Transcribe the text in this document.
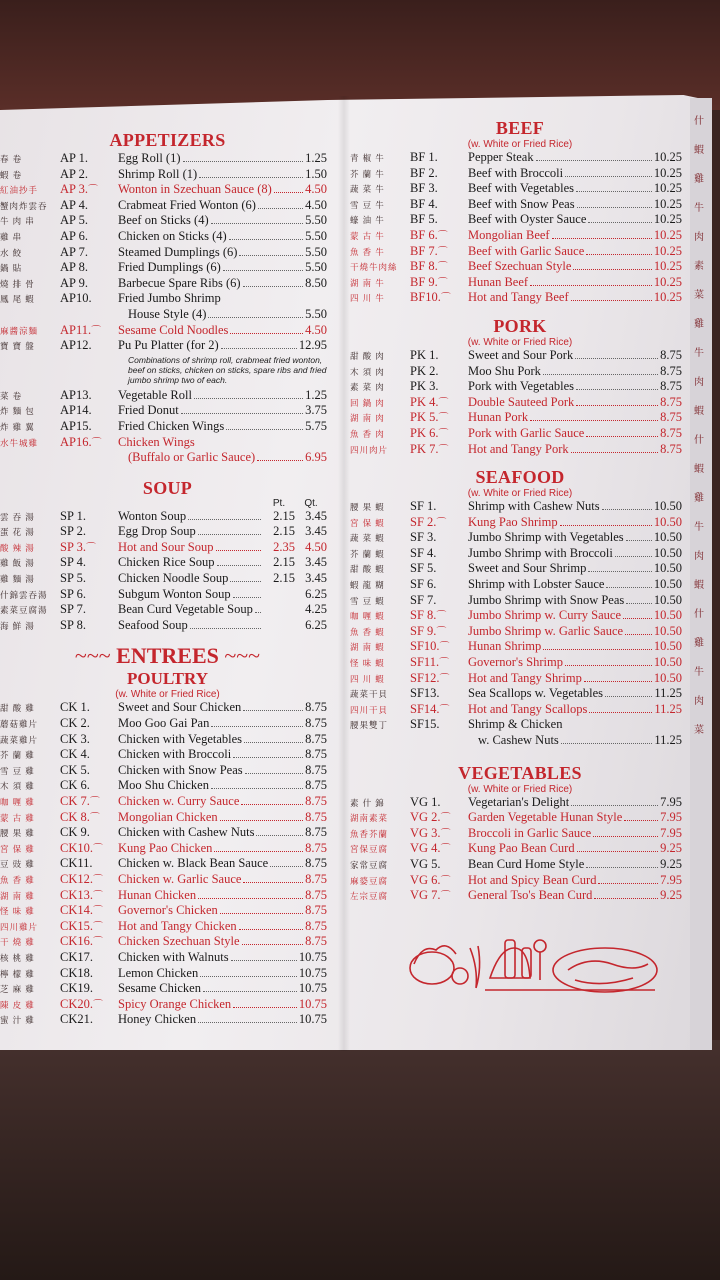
什
蝦
雞
牛
肉
素
菜
雞
牛
肉
蝦
什
蝦
雞
牛
肉
蝦
什
雞
牛
肉
菜
APPETIZERS
春 卷	AP 1.	Egg Roll (1)	1.25
蝦 卷	AP 2.	Shrimp Roll (1)	1.50
紅油抄手	AP 3.⌒	Wonton in Szechuan Sauce (8)	4.50
蟹肉炸雲吞 AP 4.	Crabmeat Fried Wonton (6)	4.50
牛 肉 串	AP 5.	Beef on Sticks (4)	5.50
雞 串	AP 6.	Chicken on Sticks (4)	5.50
水 餃	AP 7.	Steamed Dumplings (6)	5.50
鍋 貼	AP 8.	Fried Dumplings (6)	5.50
燒 排 骨	AP 9.	Barbecue Spare Ribs (6)	8.50
鳳 尾 蝦	AP10.	Fried Jumbo Shrimp
House Style (4)	5.50
麻醬涼麵	AP11.⌒	Sesame Cold Noodles	4.50
寶 寶 盤	AP12.	Pu Pu Platter (for 2)	12.95
Combinations of shrimp roll, crabmeat fried wonton, beef on sticks, chicken on sticks, spare ribs and fried jumbo shrimp two of each.
菜 卷	AP13.	Vegetable Roll	1.25
炸 麵 包	AP14.	Fried Donut	3.75
炸 雞 翼	AP15.	Fried Chicken Wings	5.75
水牛城雞	AP16.⌒	Chicken Wings
(Buffalo or Garlic Sauce)	6.95
SOUP
Pt. Qt.
雲 吞 湯	SP 1.	Wonton Soup	2.15 3.45
蛋 花 湯	SP 2.	Egg Drop Soup	2.15 3.45
酸 辣 湯	SP 3.⌒	Hot and Sour Soup	2.35 4.50
雞 飯 湯	SP 4.	Chicken Rice Soup	2.15 3.45
雞 麵 湯	SP 5.	Chicken Noodle Soup	2.15 3.45
什錦雲吞湯 SP 6.	Subgum Wonton Soup	6.25
素菜豆腐湯 SP 7.	Bean Curd Vegetable Soup	4.25
海 鮮 湯	SP 8.	Seafood Soup	6.25
~~~ ENTREES ~~~
POULTRY
(w. White or Fried Rice)
甜 酸 雞	CK 1.	Sweet and Sour Chicken	8.75
蘑菇雞片	CK 2.	Moo Goo Gai Pan	8.75
蔬菜雞片	CK 3.	Chicken with Vegetables	8.75
芥 蘭 雞	CK 4.	Chicken with Broccoli	8.75
雪 豆 雞	CK 5.	Chicken with Snow Peas	8.75
木 須 雞	CK 6.	Moo Shu Chicken	8.75
咖 喱 雞	CK 7.⌒	Chicken w. Curry Sauce	8.75
蒙 古 雞	CK 8.⌒	Mongolian Chicken	8.75
腰 果 雞	CK 9.	Chicken with Cashew Nuts	8.75
宮 保 雞	CK10.⌒	Kung Pao Chicken	8.75
豆 豉 雞	CK11.	Chicken w. Black Bean Sauce	8.75
魚 香 雞	CK12.⌒	Chicken w. Garlic Sauce	8.75
湖 南 雞	CK13.⌒	Hunan Chicken	8.75
怪 味 雞	CK14.⌒	Governor's Chicken	8.75
四川雞片	CK15.⌒	Hot and Tangy Chicken	8.75
干 燒 雞	CK16.⌒	Chicken Szechuan Style	8.75
核 桃 雞	CK17.	Chicken with Walnuts	10.75
檸 檬 雞	CK18.	Lemon Chicken	10.75
芝 麻 雞	CK19.	Sesame Chicken	10.75
陳 皮 雞	CK20.⌒	Spicy Orange Chicken	10.75
蜜 汁 雞	CK21.	Honey Chicken	10.75
BEEF
(w. White or Fried Rice)
青 椒 牛	BF 1.	Pepper Steak	10.25
芥 蘭 牛	BF 2.	Beef with Broccoli	10.25
蔬 菜 牛	BF 3.	Beef with Vegetables	10.25
雪 豆 牛	BF 4.	Beef with Snow Peas	10.25
蠔 油 牛	BF 5.	Beef with Oyster Sauce	10.25
蒙 古 牛	BF 6.⌒	Mongolian Beef	10.25
魚 香 牛	BF 7.⌒	Beef with Garlic Sauce	10.25
干燒牛肉絲 BF 8.⌒	Beef Szechuan Style	10.25
湖 南 牛	BF 9.⌒	Hunan Beef	10.25
四 川 牛	BF10.⌒	Hot and Tangy Beef	10.25
PORK
(w. White or Fried Rice)
甜 酸 肉	PK 1.	Sweet and Sour Pork	8.75
木 須 肉	PK 2.	Moo Shu Pork	8.75
素 菜 肉	PK 3.	Pork with Vegetables	8.75
回 鍋 肉	PK 4.⌒	Double Sauteed Pork	8.75
湖 南 肉	PK 5.⌒	Hunan Pork	8.75
魚 香 肉	PK 6.⌒	Pork with Garlic Sauce	8.75
四川肉片	PK 7.⌒	Hot and Tangy Pork	8.75
SEAFOOD
(w. White or Fried Rice)
腰 果 蝦	SF 1.	Shrimp with Cashew Nuts	10.50
宮 保 蝦	SF 2.⌒	Kung Pao Shrimp	10.50
蔬 菜 蝦	SF 3.	Jumbo Shrimp with Vegetables 10.50
芥 蘭 蝦	SF 4.	Jumbo Shrimp with Broccoli	10.50
甜 酸 蝦	SF 5.	Sweet and Sour Shrimp	10.50
蝦 龍 糊	SF 6.	Shrimp with Lobster Sauce	10.50
雪 豆 蝦	SF 7.	Jumbo Shrimp with Snow Peas 10.50
咖 喱 蝦	SF 8.⌒	Jumbo Shrimp w. Curry Sauce	10.50
魚 香 蝦	SF 9.⌒	Jumbo Shrimp w. Garlic Sauce 10.50
湖 南 蝦	SF10.⌒	Hunan Shrimp	10.50
怪 味 蝦	SF11.⌒	Governor's Shrimp	10.50
四 川 蝦	SF12.⌒	Hot and Tangy Shrimp	10.50
蔬菜干貝	SF13.	Sea Scallops w. Vegetables	11.25
四川干貝	SF14.⌒	Hot and Tangy Scallops	11.25
腰果雙丁	SF15.	Shrimp & Chicken
w. Cashew Nuts	11.25
VEGETABLES
(w. White or Fried Rice)
素 什 錦	VG 1.	Vegetarian's Delight	7.95
湖南素菜	VG 2.⌒	Garden Vegetable Hunan Style	7.95
魚香芥蘭	VG 3.⌒	Broccoli in Garlic Sauce	7.95
宮保豆腐	VG 4.⌒	Kung Pao Bean Curd	9.25
家常豆腐	VG 5.	Bean Curd Home Style	9.25
麻婆豆腐	VG 6.⌒	Hot and Spicy Bean Curd	7.95
左宗豆腐	VG 7.⌒	General Tso's Bean Curd	9.25
